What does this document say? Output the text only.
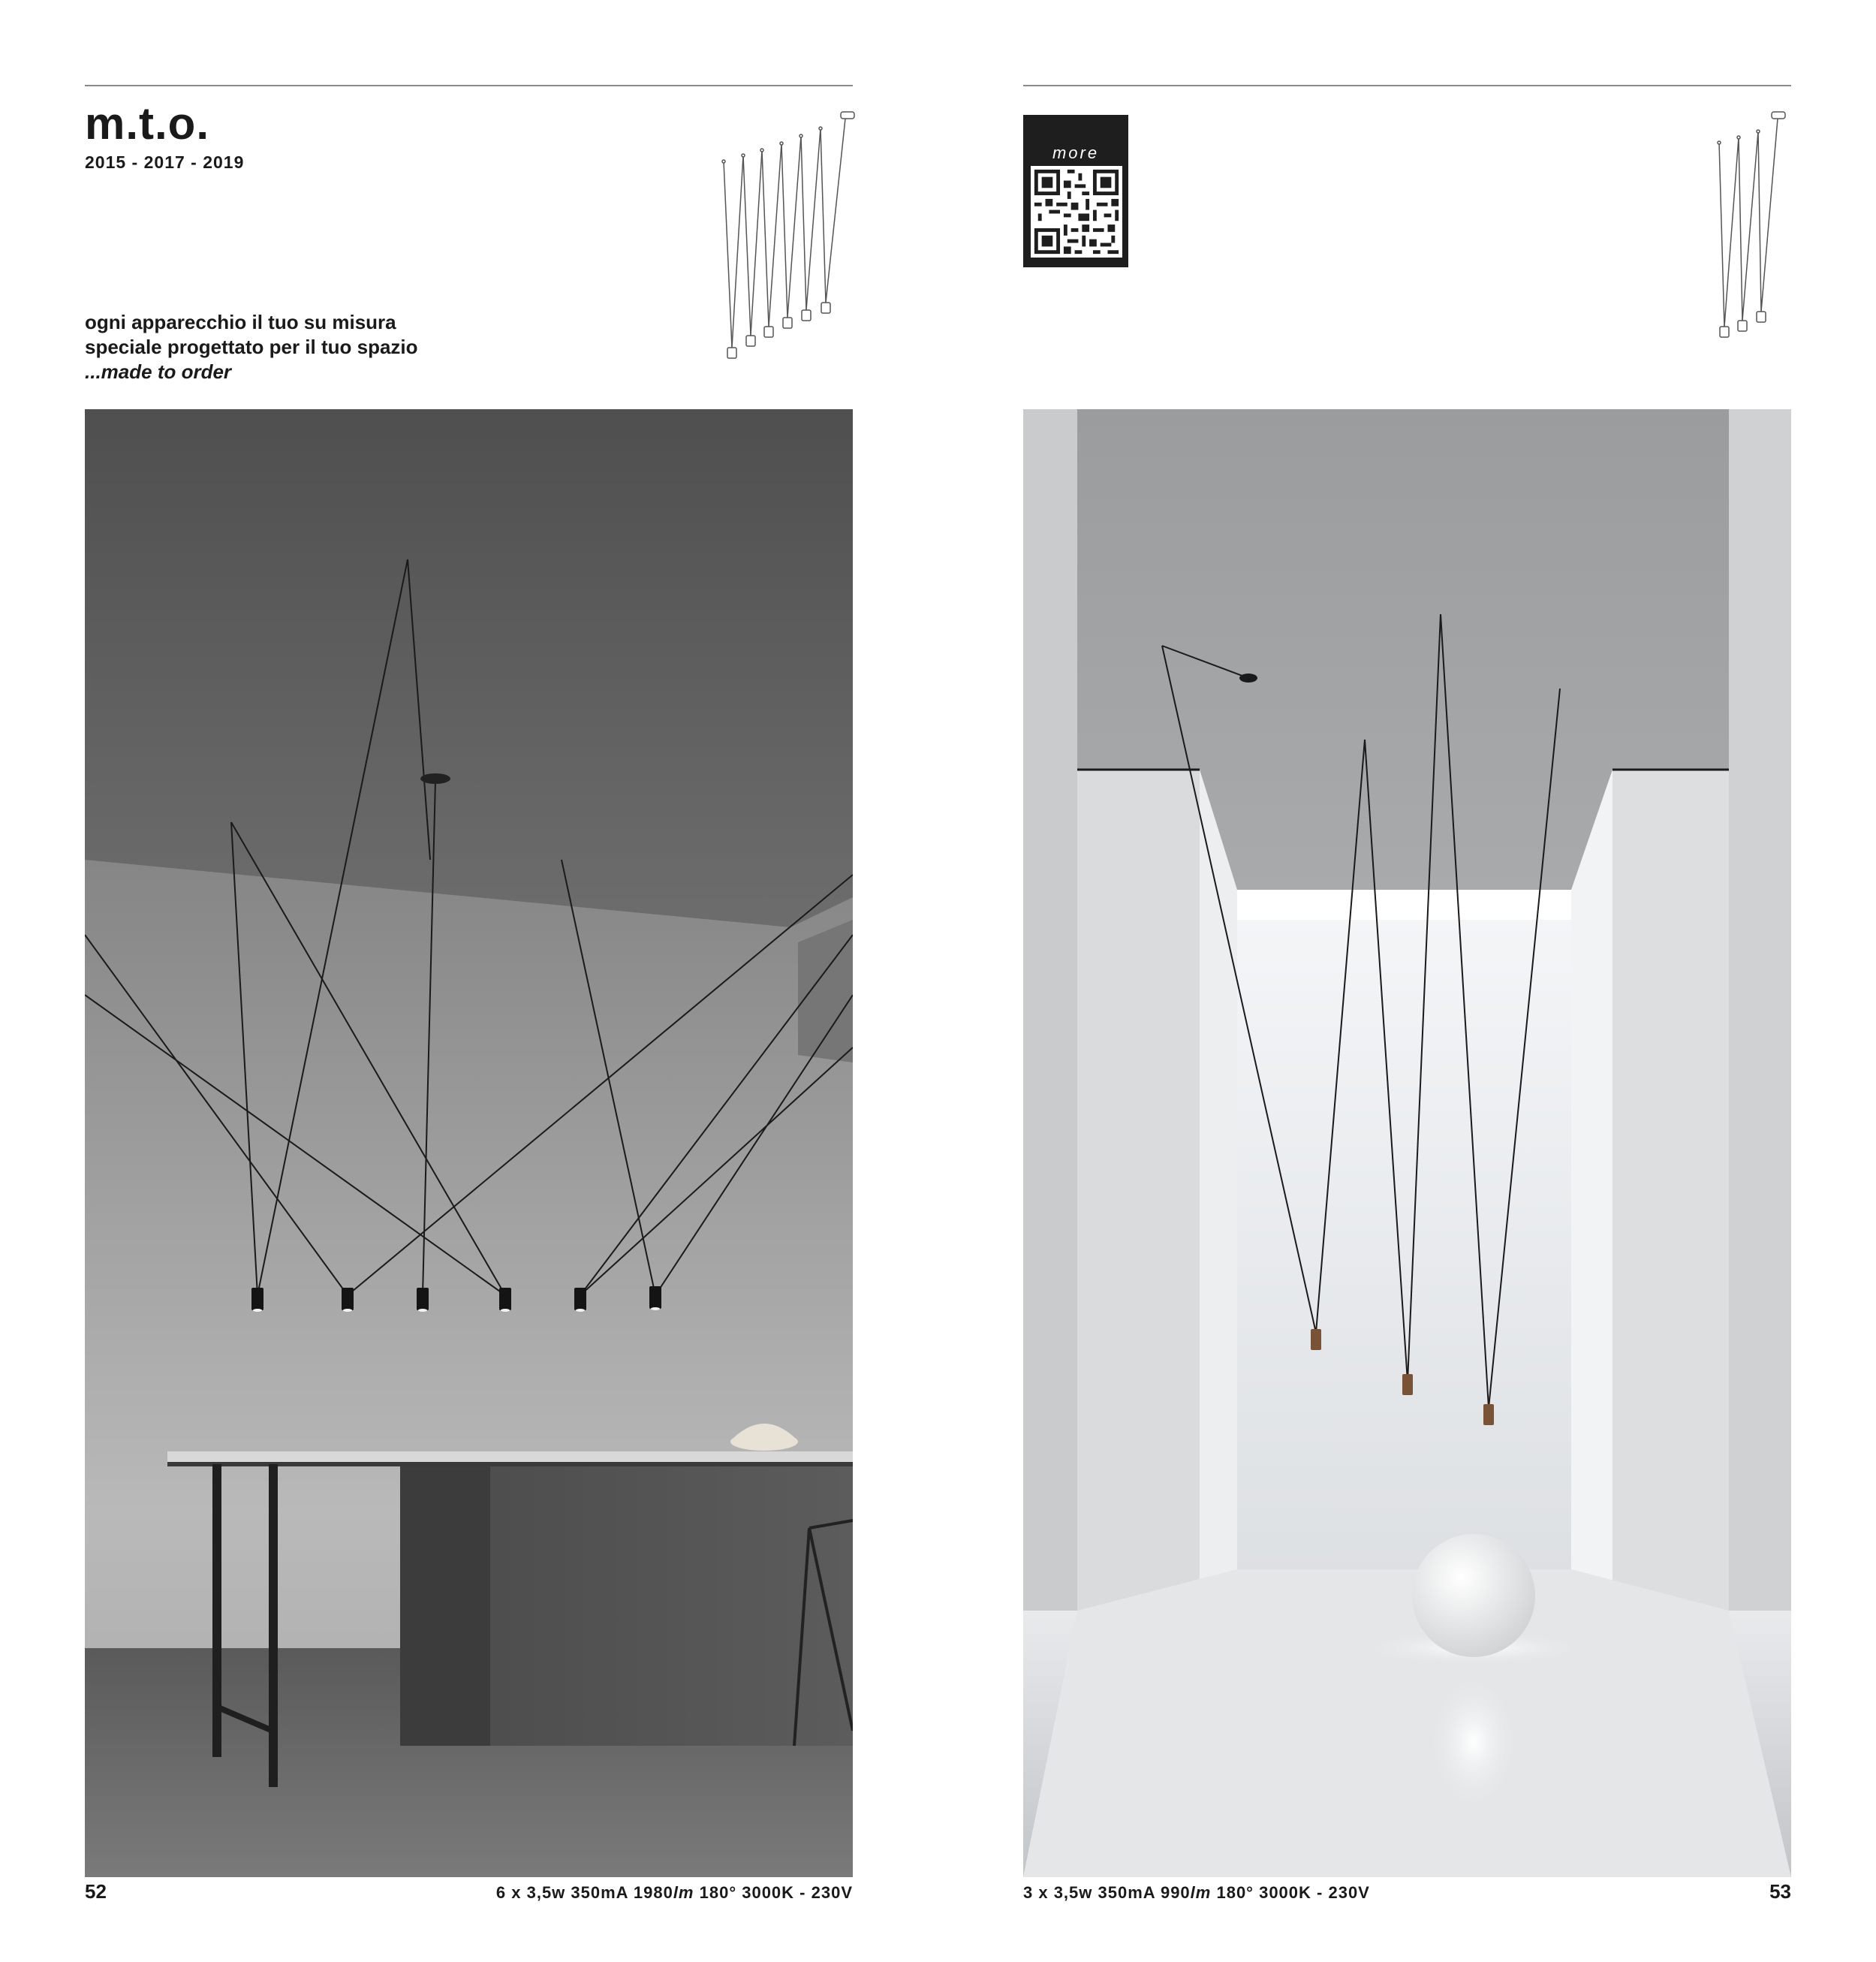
m.t.o.
2015 - 2017 - 2019
ogni apparecchio il tuo su misura
speciale progettato per il tuo spazio
...made to order
52	6 x 3,5w 350mA 1980lm 180° 3000K - 230V
more
3 x 3,5w 350mA 990lm 180° 3000K - 230V	53
